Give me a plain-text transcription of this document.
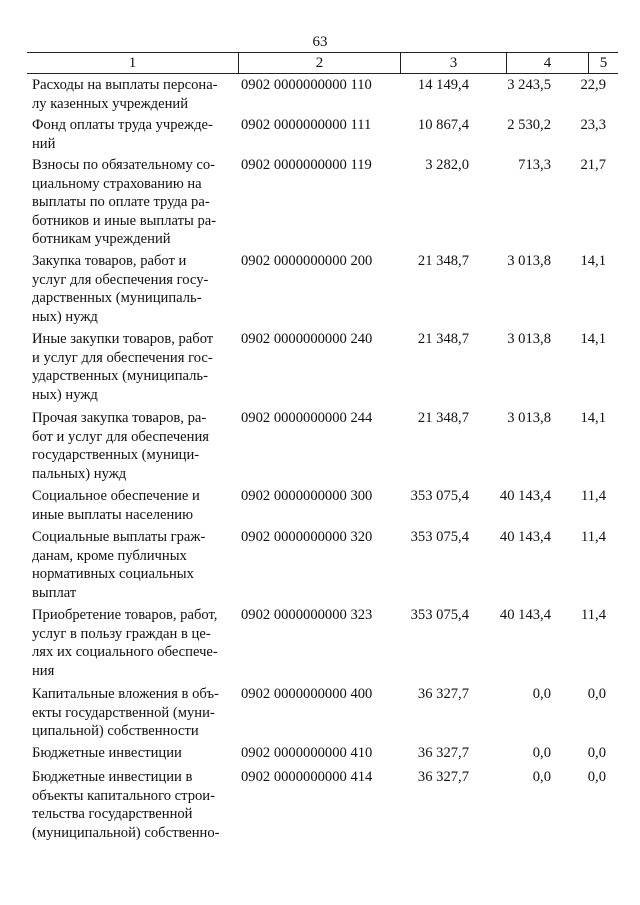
63
1	2	3	4	5
Расходы на выплаты персона-
лу казенных учреждений
0902 0000000000 110	14 149,4	3 243,5	22,9
Фонд оплаты труда учрежде-
ний
0902 0000000000 111	10 867,4	2 530,2	23,3
Взносы по обязательному со-
циальному страхованию на
выплаты по оплате труда ра-
ботников и иные выплаты ра-
ботникам учреждений
0902 0000000000 119	3 282,0	713,3	21,7
Закупка товаров, работ и
услуг для обеспечения госу-
дарственных (муниципаль-
ных) нужд
0902 0000000000 200	21 348,7	3 013,8	14,1
Иные закупки товаров, работ
и услуг для обеспечения гос-
ударственных (муниципаль-
ных) нужд
0902 0000000000 240	21 348,7	3 013,8	14,1
Прочая закупка товаров, ра-
бот и услуг для обеспечения
государственных (муници-
пальных) нужд
0902 0000000000 244	21 348,7	3 013,8	14,1
Социальное обеспечение и
иные выплаты населению
0902 0000000000 300	353 075,4	40 143,4	11,4
Социальные выплаты граж-
данам, кроме публичных
нормативных социальных
выплат
0902 0000000000 320	353 075,4	40 143,4	11,4
Приобретение товаров, работ,
услуг в пользу граждан в це-
лях их социального обеспече-
ния
0902 0000000000 323	353 075,4	40 143,4	11,4
Капитальные вложения в объ-
екты государственной (муни-
ципальной) собственности
0902 0000000000 400	36 327,7	0,0	0,0
Бюджетные инвестиции	0902 0000000000 410	36 327,7	0,0	0,0
Бюджетные инвестиции в
объекты капитального строи-
тельства государственной
(муниципальной) собственно-
0902 0000000000 414	36 327,7	0,0	0,0
